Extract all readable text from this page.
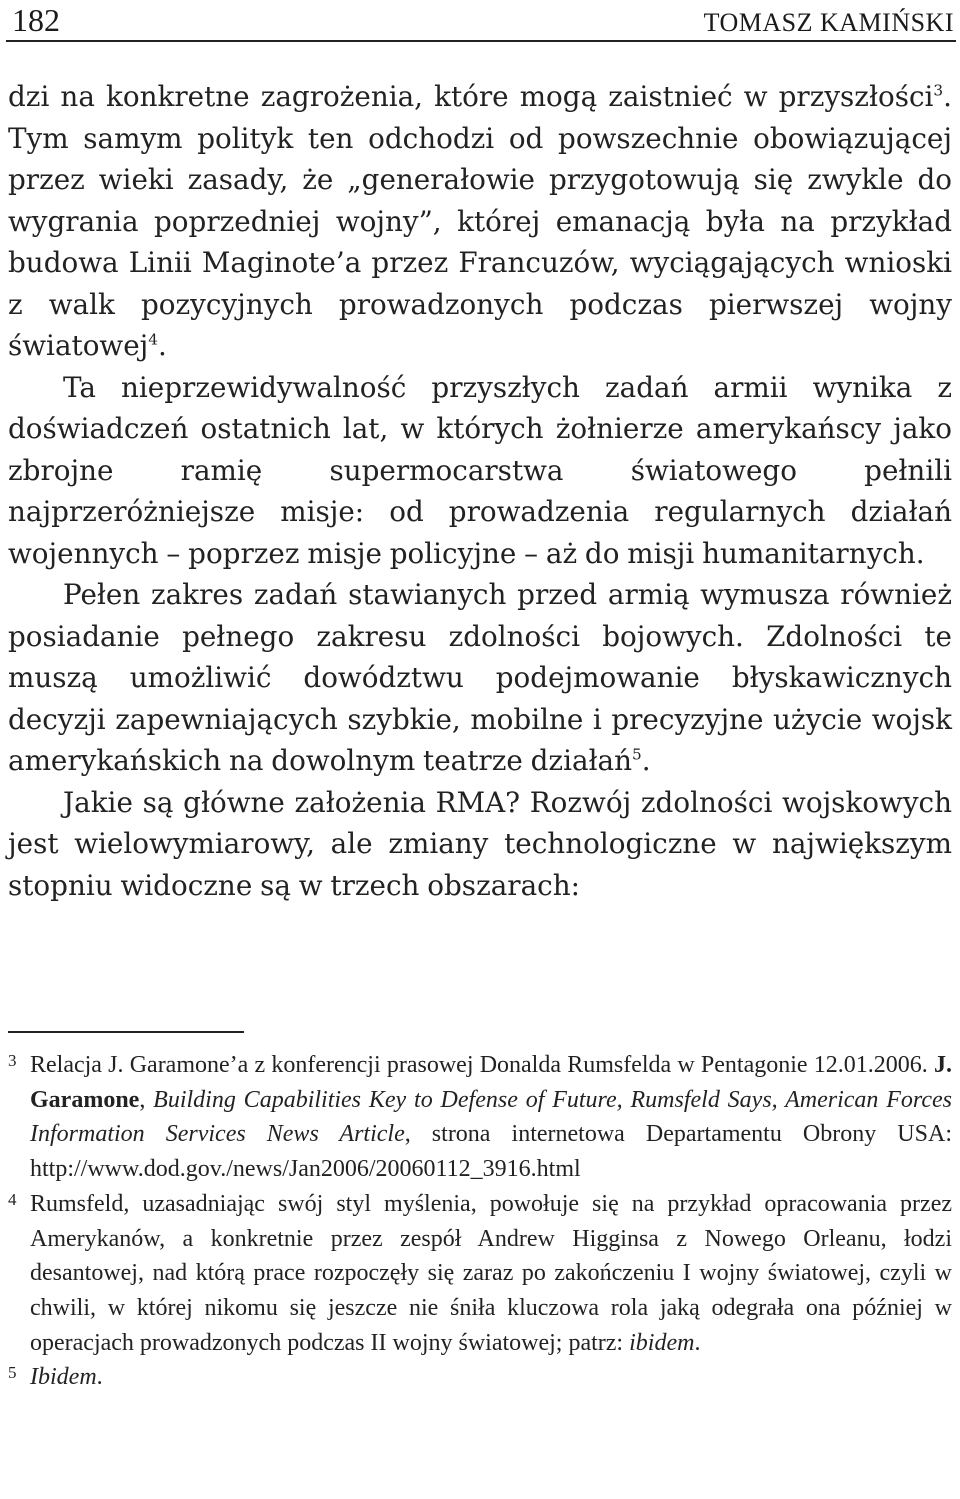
182	TOMASZ KAMIŃSKI

dzi na konkretne zagrożenia, które mogą zaistnieć w przyszłości$^3$. Tym samym polityk ten odchodzi od powszechnie obowiązującej przez wieki zasady, że „generałowie przygotowują się zwykle do wygrania poprzedniej wojny”, której emanacją była na przykład budowa Linii Maginote’a przez Francuzów, wyciągających wnioski z walk pozycyjnych prowadzonych podczas pierwszej wojny światowej$^4$.

Ta nieprzewidywalność przyszłych zadań armii wynika z doświadczeń ostatnich lat, w których żołnierze amerykańscy jako zbrojne ramię supermocarstwa światowego pełnili najprzeróżniejsze misje: od prowadzenia regularnych działań wojennych – poprzez misje policyjne – aż do misji humanitarnych.

Pełen zakres zadań stawianych przed armią wymusza również posiadanie pełnego zakresu zdolności bojowych. Zdolności te muszą umożliwić dowództwu podejmowanie błyskawicznych decyzji zapewniających szybkie, mobilne i precyzyjne użycie wojsk amerykańskich na dowolnym teatrze działań$^5$.

Jakie są główne założenia RMA? Rozwój zdolności wojskowych jest wielowymiarowy, ale zmiany technologiczne w największym stopniu widoczne są w trzech obszarach:

3 Relacja J. Garamone’a z konferencji prasowej Donalda Rumsfelda w Pentagonie 12.01.2006. J. Garamone, Building Capabilities Key to Defense of Future, Rumsfeld Says, American Forces Information Services News Article, strona internetowa Departamentu Obrony USA: http://www.dod.gov./news/Jan2006/20060112_3916.html
4 Rumsfeld, uzasadniając swój styl myślenia, powołuje się na przykład opracowania przez Amerykanów, a konkretnie przez zespół Andrew Higginsa z Nowego Orleanu, łodzi desantowej, nad którą prace rozpoczęły się zaraz po zakończeniu I wojny światowej, czyli w chwili, w której nikomu się jeszcze nie śniła kluczowa rola jaką odegrała ona później w operacjach prowadzonych podczas II wojny światowej; patrz: ibidem.
5 Ibidem.
